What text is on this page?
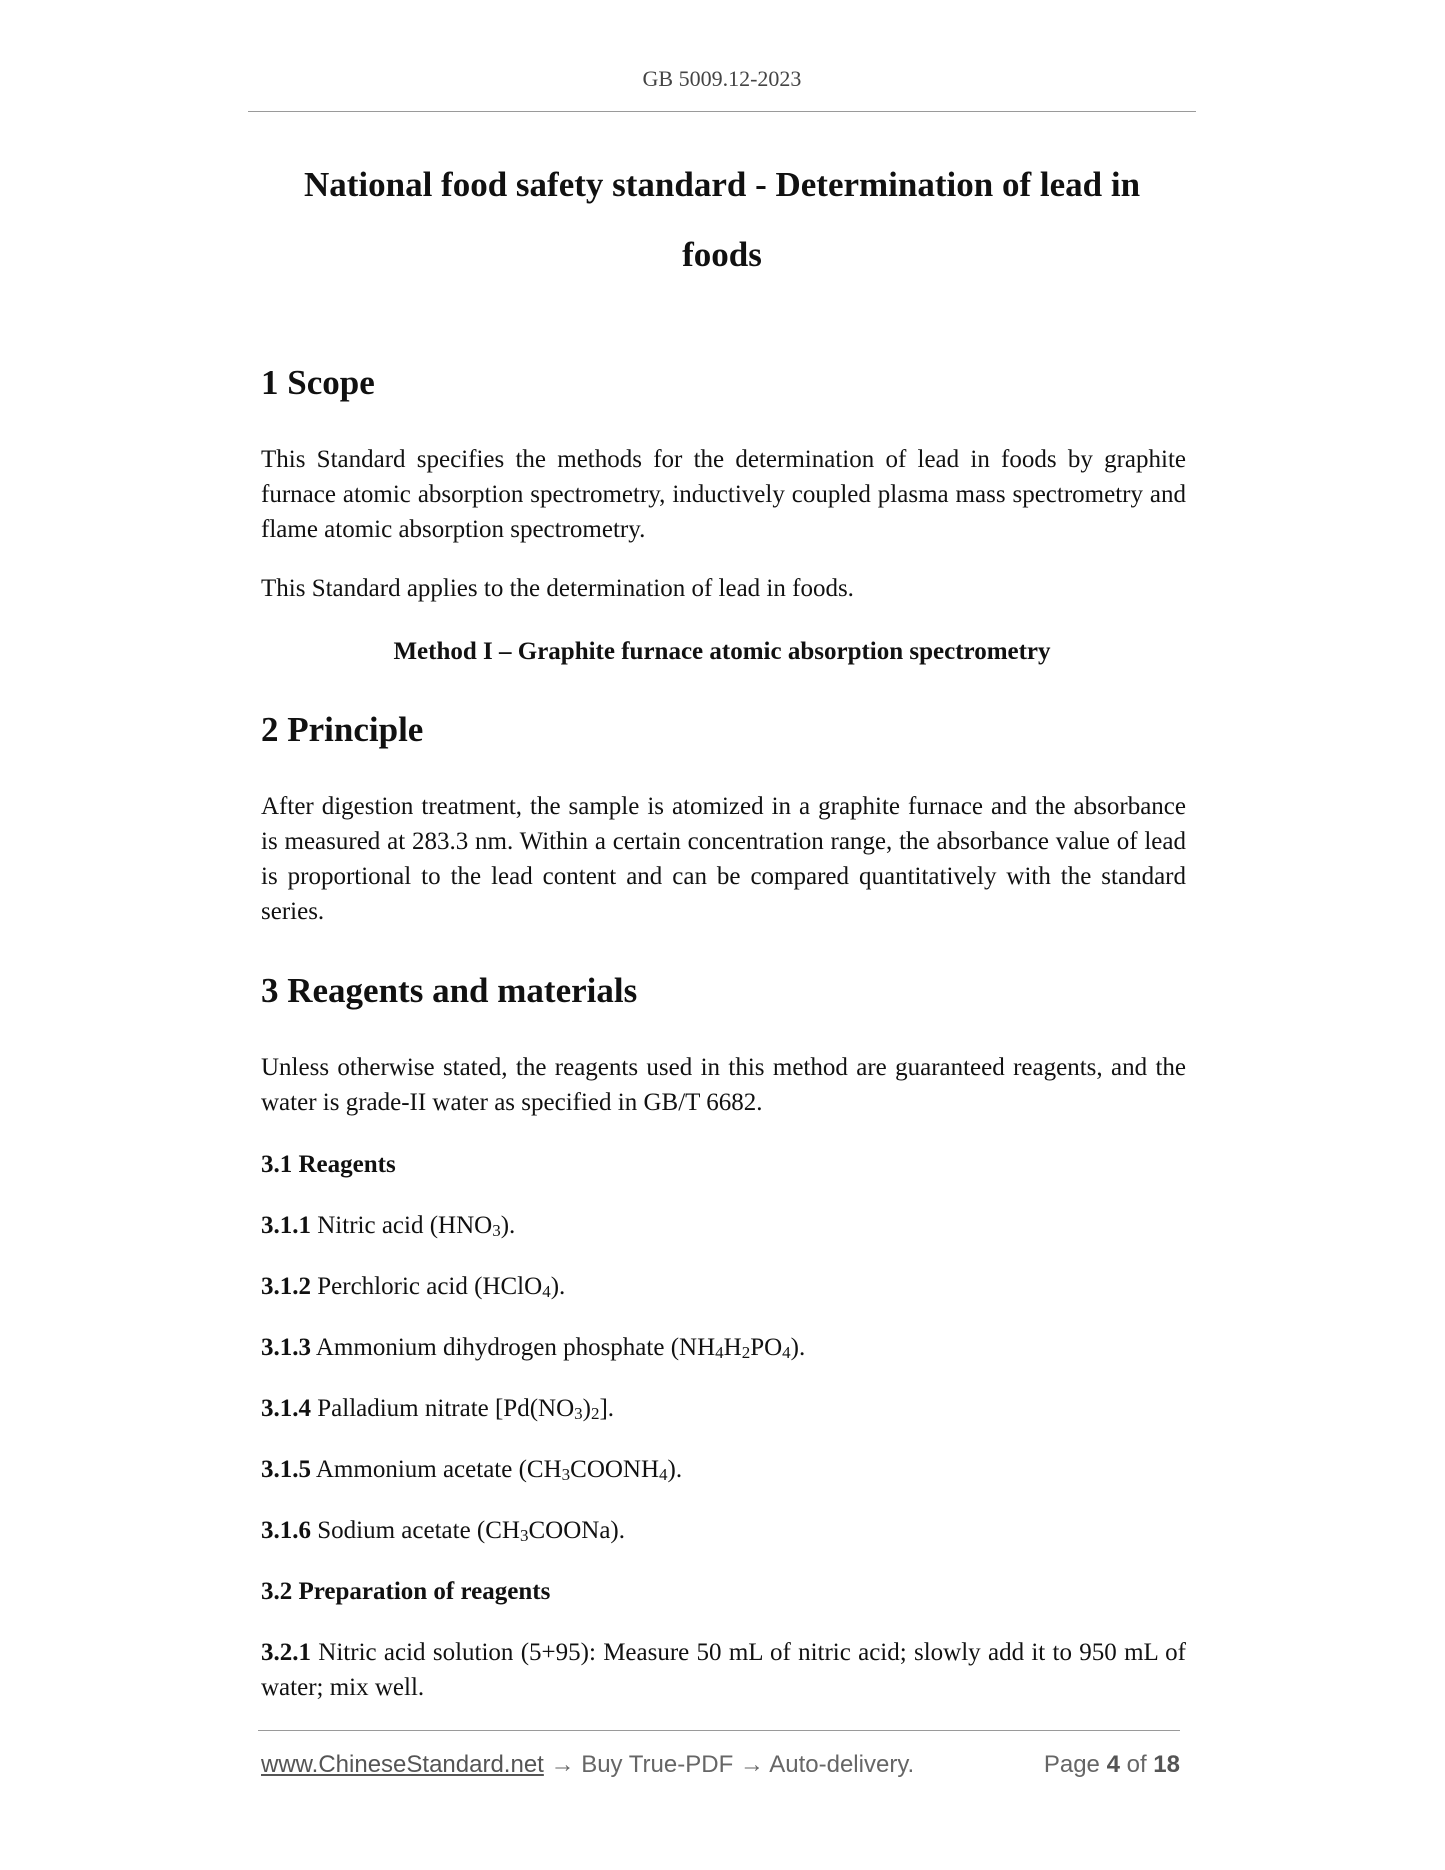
GB 5009.12-2023
National food safety standard - Determination of lead in
foods
1 Scope

This Standard specifies the methods for the determination of lead in foods by graphite furnace atomic absorption spectrometry, inductively coupled plasma mass spectrometry and flame atomic absorption spectrometry.

This Standard applies to the determination of lead in foods.

Method I – Graphite furnace atomic absorption spectrometry
2 Principle

After digestion treatment, the sample is atomized in a graphite furnace and the absorbance is measured at 283.3 nm. Within a certain concentration range, the absorbance value of lead is proportional to the lead content and can be compared quantitatively with the standard series.

3 Reagents and materials

Unless otherwise stated, the reagents used in this method are guaranteed reagents, and the water is grade-II water as specified in GB/T 6682.

3.1 Reagents
3.1.1 Nitric acid (HNO3).
3.1.2 Perchloric acid (HClO4).
3.1.3 Ammonium dihydrogen phosphate (NH4H2PO4).
3.1.4 Palladium nitrate [Pd(NO3)2].
3.1.5 Ammonium acetate (CH3COONH4).
3.1.6 Sodium acetate (CH3COONa).
3.2 Preparation of reagents

3.2.1 Nitric acid solution (5+95): Measure 50 mL of nitric acid; slowly add it to 950 mL of water; mix well.

www.ChineseStandard.net → Buy True-PDF → Auto-delivery.	Page 4 of 18
